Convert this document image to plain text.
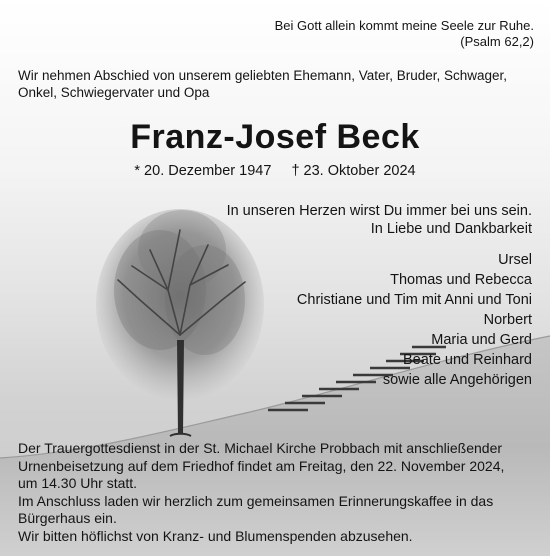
Bei Gott allein kommt meine Seele zur Ruhe.
(Psalm 62,2)

Wir nehmen Abschied von unserem geliebten Ehemann, Vater, Bruder, Schwager, Onkel, Schwiegervater und Opa

Franz-Josef Beck
* 20. Dezember 1947 † 23. Oktober 2024
In unseren Herzen wirst Du immer bei uns sein.
In Liebe und Dankbarkeit
Ursel
Thomas und Rebecca
Christiane und Tim mit Anni und Toni
Norbert
Maria und Gerd
Beate und Reinhard
sowie alle Angehörigen

Der Trauergottesdienst in der St. Michael Kirche Probbach mit anschließender

Urnenbeisetzung auf dem Friedhof findet am Freitag, den 22. November 2024,

um 14.30 Uhr statt.

Im Anschluss laden wir herzlich zum gemeinsamen Erinnerungskaffee in das

Bürgerhaus ein.

Wir bitten höflichst von Kranz- und Blumenspenden abzusehen.
